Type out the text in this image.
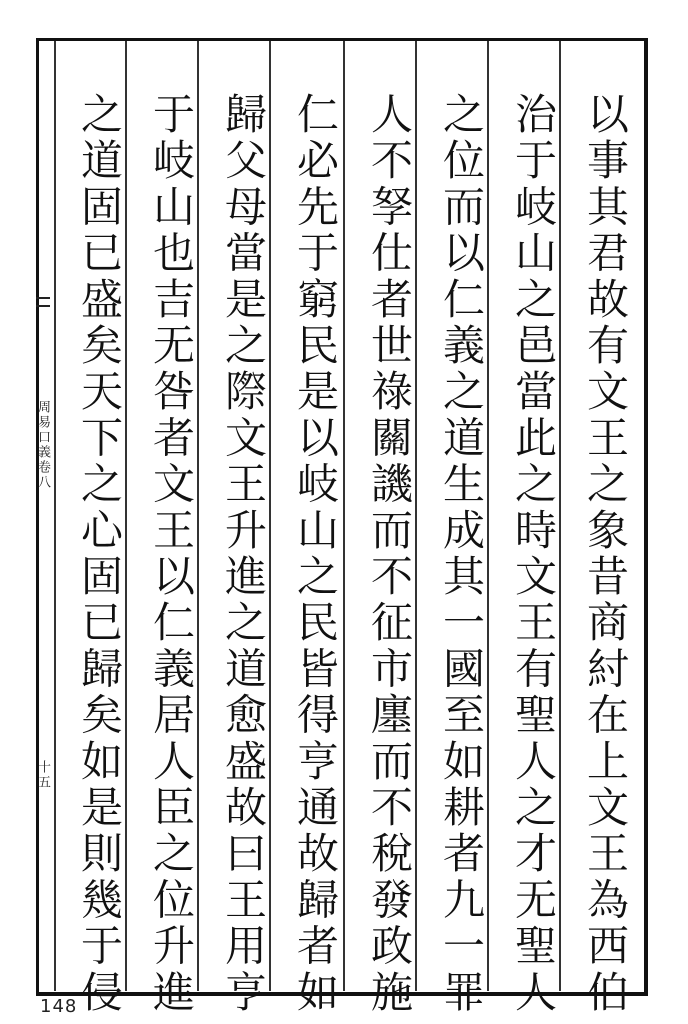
周易口義卷八
十五	以事其君故有文王之象昔商紂在上文王為西伯
治于岐山之邑當此之時文王有聖人之才无聖人
之位而以仁義之道生成其一國至如耕者九一罪
人不孥仕者世祿關譏而不征市廛而不稅發政施
仁必先于窮民是以岐山之民皆得亨通故歸者如
歸父母當是之際文王升進之道愈盛故曰王用亨
于岐山也吉无咎者文王以仁義居人臣之位升進
之道固已盛矣天下之心固已歸矣如是則幾于侵
148
